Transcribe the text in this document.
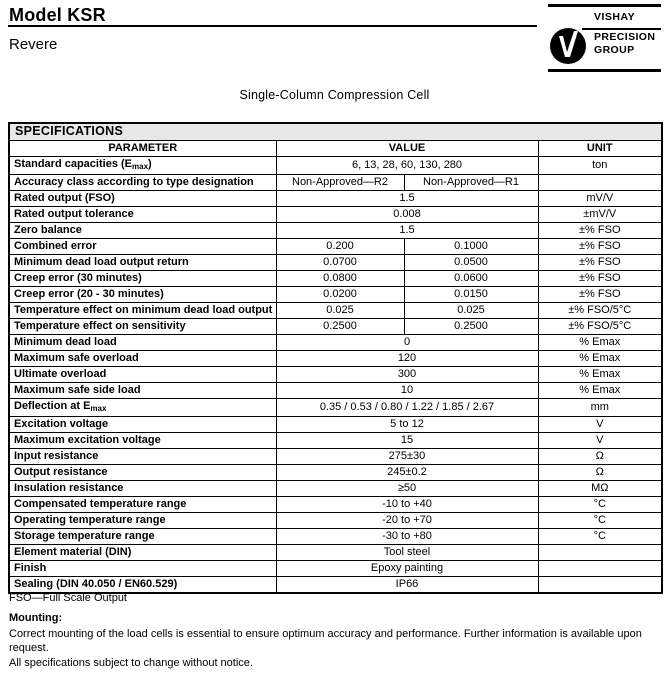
Model KSR
Revere
VISHAY
PRECISION
GROUP
Single-Column Compression Cell
SPECIFICATIONS			
PARAMETER	VALUE		UNIT
Standard capacities $(E_{max})$	6, 13, 28, 60, 130, 280		ton
Accuracy class according to type designation	Non-Approved—R2	Non-Approved—R1	
Rated output (FSO)	1.5		mV/V
Rated output tolerance	0.008		±mV/V
Zero balance	1.5		±% FSO
Combined error	0.200	0.1000	±% FSO
Minimum dead load output return	0.0700	0.0500	±% FSO
Creep error (30 minutes)	0.0800	0.0600	±% FSO
Creep error (20 - 30 minutes)	0.0200	0.0150	±% FSO
Temperature effect on minimum dead load output	0.025	0.025	±% FSO/5°C
Temperature effect on sensitivity	0.2500	0.2500	±% FSO/5°C
Minimum dead load	0		% Emax
Maximum safe overload	120		% Emax
Ultimate overload	300		% Emax
Maximum safe side load	10		% Emax
Deflection at $E_{max}$	0.35 / 0.53 / 0.80 / 1.22 / 1.85 / 2.67		mm
Excitation voltage	5 to 12		V
Maximum excitation voltage	15		V
Input resistance	275±30		Ω
Output resistance	245±0.2		Ω
Insulation resistance	≥50		MΩ
Compensated temperature range	-10 to +40		°C
Operating temperature range	-20 to +70		°C
Storage temperature range	-30 to +80		°C
Element material (DIN)	Tool steel		
Finish	Epoxy painting		
Sealing (DIN 40.050 / EN60.529)	IP66		
FSO—Full Scale Output
Mounting:
Correct mounting of the load cells is essential to ensure optimum accuracy and performance. Further information is available upon request.
All specifications subject to change without notice.
